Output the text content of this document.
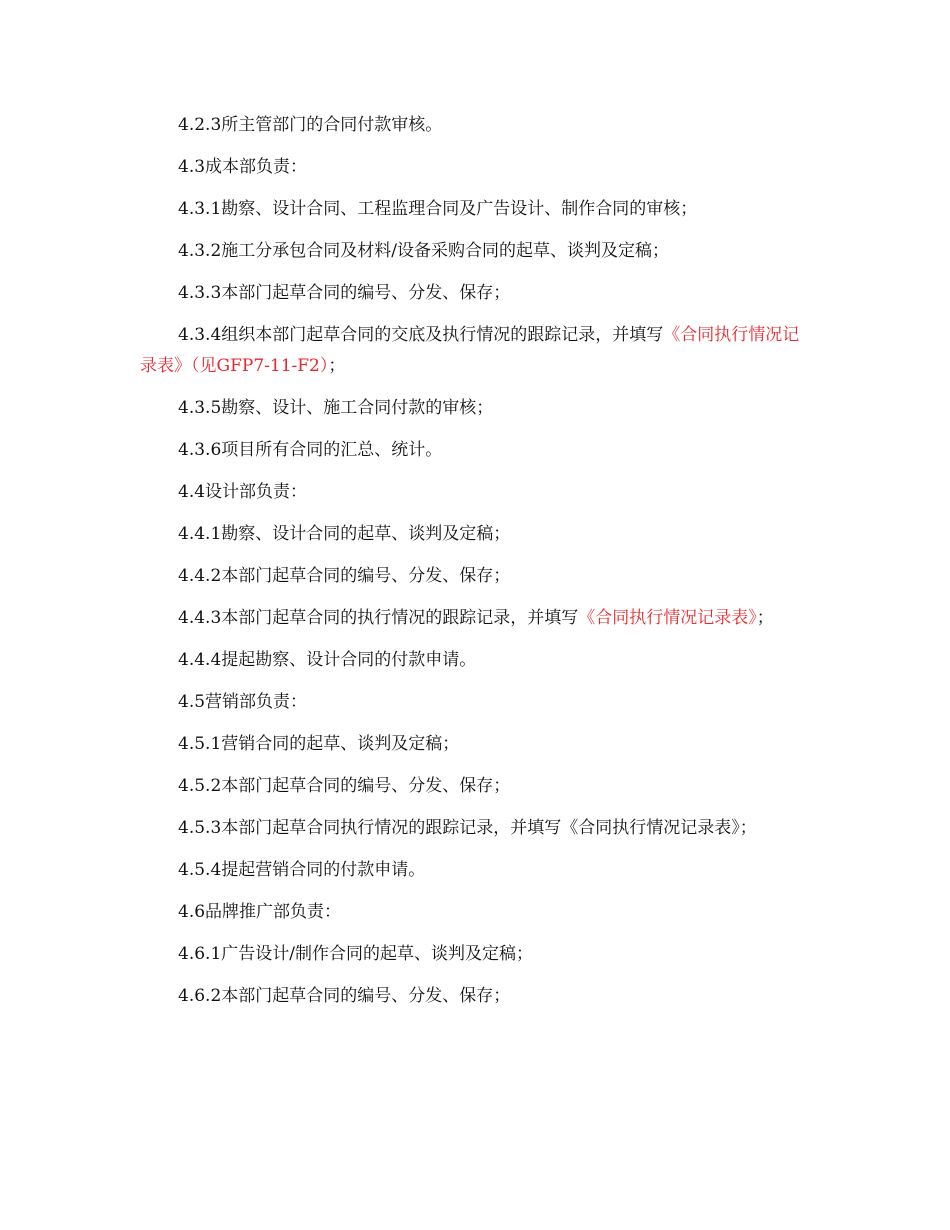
4.2.3所主管部门的合同付款审核。

4.3成本部负责：

4.3.1勘察、设计合同、工程监理合同及广告设计、制作合同的审核；

4.3.2施工分承包合同及材料/设备采购合同的起草、谈判及定稿；

4.3.3本部门起草合同的编号、分发、保存；

4.3.4组织本部门起草合同的交底及执行情况的跟踪记录，并填写《合同执行情况记录表》（见GFP7-11-F2）；

4.3.5勘察、设计、施工合同付款的审核；

4.3.6项目所有合同的汇总、统计。

4.4设计部负责：

4.4.1勘察、设计合同的起草、谈判及定稿；

4.4.2本部门起草合同的编号、分发、保存；

4.4.3本部门起草合同的执行情况的跟踪记录，并填写《合同执行情况记录表》；

4.4.4提起勘察、设计合同的付款申请。

4.5营销部负责：

4.5.1营销合同的起草、谈判及定稿；

4.5.2本部门起草合同的编号、分发、保存；

4.5.3本部门起草合同执行情况的跟踪记录，并填写《合同执行情况记录表》；

4.5.4提起营销合同的付款申请。

4.6品牌推广部负责：

4.6.1广告设计/制作合同的起草、谈判及定稿；

4.6.2本部门起草合同的编号、分发、保存；
